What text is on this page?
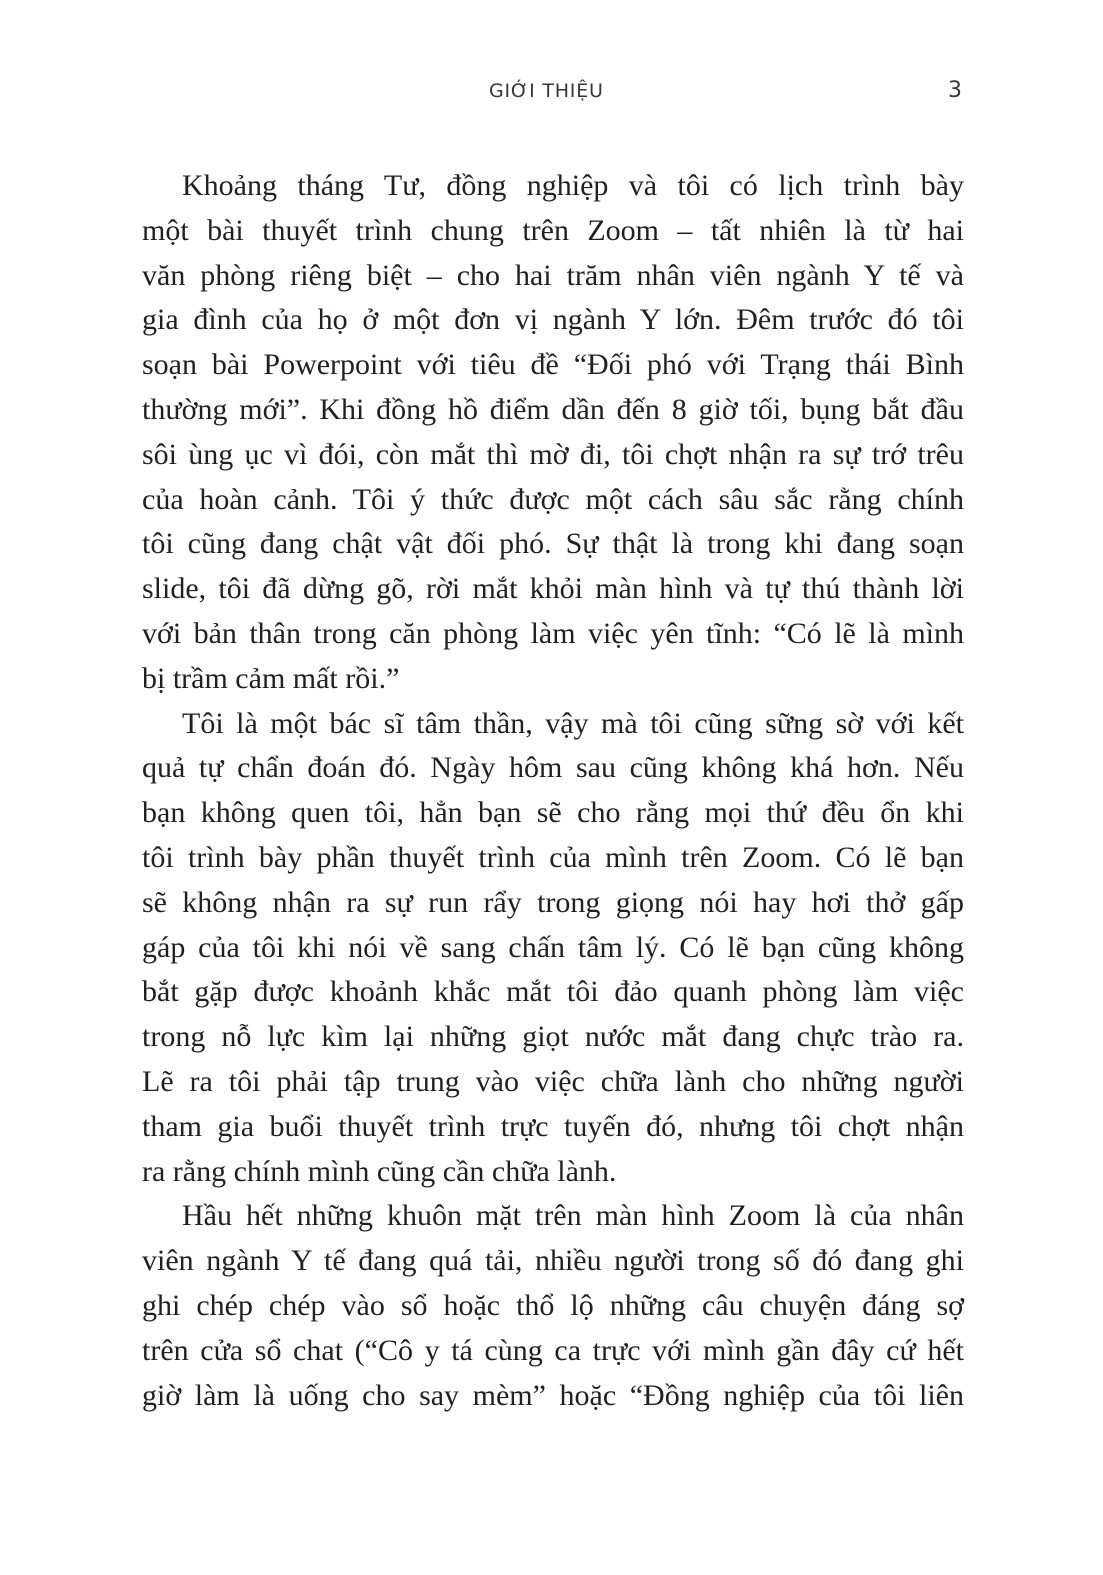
GIỚI THIỆU	3
Khoảng tháng Tư, đồng nghiệp và tôi có lịch trình bày
một bài thuyết trình chung trên Zoom – tất nhiên là từ hai
văn phòng riêng biệt – cho hai trăm nhân viên ngành Y tế và
gia đình của họ ở một đơn vị ngành Y lớn. Đêm trước đó tôi
soạn bài Powerpoint với tiêu đề “Đối phó với Trạng thái Bình
thường mới”. Khi đồng hồ điểm dần đến 8 giờ tối, bụng bắt đầu
sôi ùng ục vì đói, còn mắt thì mờ đi, tôi chợt nhận ra sự trớ trêu
của hoàn cảnh. Tôi ý thức được một cách sâu sắc rằng chính
tôi cũng đang chật vật đối phó. Sự thật là trong khi đang soạn
slide, tôi đã dừng gõ, rời mắt khỏi màn hình và tự thú thành lời
với bản thân trong căn phòng làm việc yên tĩnh: “Có lẽ là mình
bị trầm cảm mất rồi.”
Tôi là một bác sĩ tâm thần, vậy mà tôi cũng sững sờ với kết
quả tự chẩn đoán đó. Ngày hôm sau cũng không khá hơn. Nếu
bạn không quen tôi, hẳn bạn sẽ cho rằng mọi thứ đều ổn khi
tôi trình bày phần thuyết trình của mình trên Zoom. Có lẽ bạn
sẽ không nhận ra sự run rẩy trong giọng nói hay hơi thở gấp
gáp của tôi khi nói về sang chấn tâm lý. Có lẽ bạn cũng không
bắt gặp được khoảnh khắc mắt tôi đảo quanh phòng làm việc
trong nỗ lực kìm lại những giọt nước mắt đang chực trào ra.
Lẽ ra tôi phải tập trung vào việc chữa lành cho những người
tham gia buổi thuyết trình trực tuyến đó, nhưng tôi chợt nhận
ra rằng chính mình cũng cần chữa lành.
Hầu hết những khuôn mặt trên màn hình Zoom là của nhân
viên ngành Y tế đang quá tải, nhiều người trong số đó đang ghi
ghi chép chép vào sổ hoặc thổ lộ những câu chuyện đáng sợ
trên cửa sổ chat (“Cô y tá cùng ca trực với mình gần đây cứ hết
giờ làm là uống cho say mèm” hoặc “Đồng nghiệp của tôi liên
